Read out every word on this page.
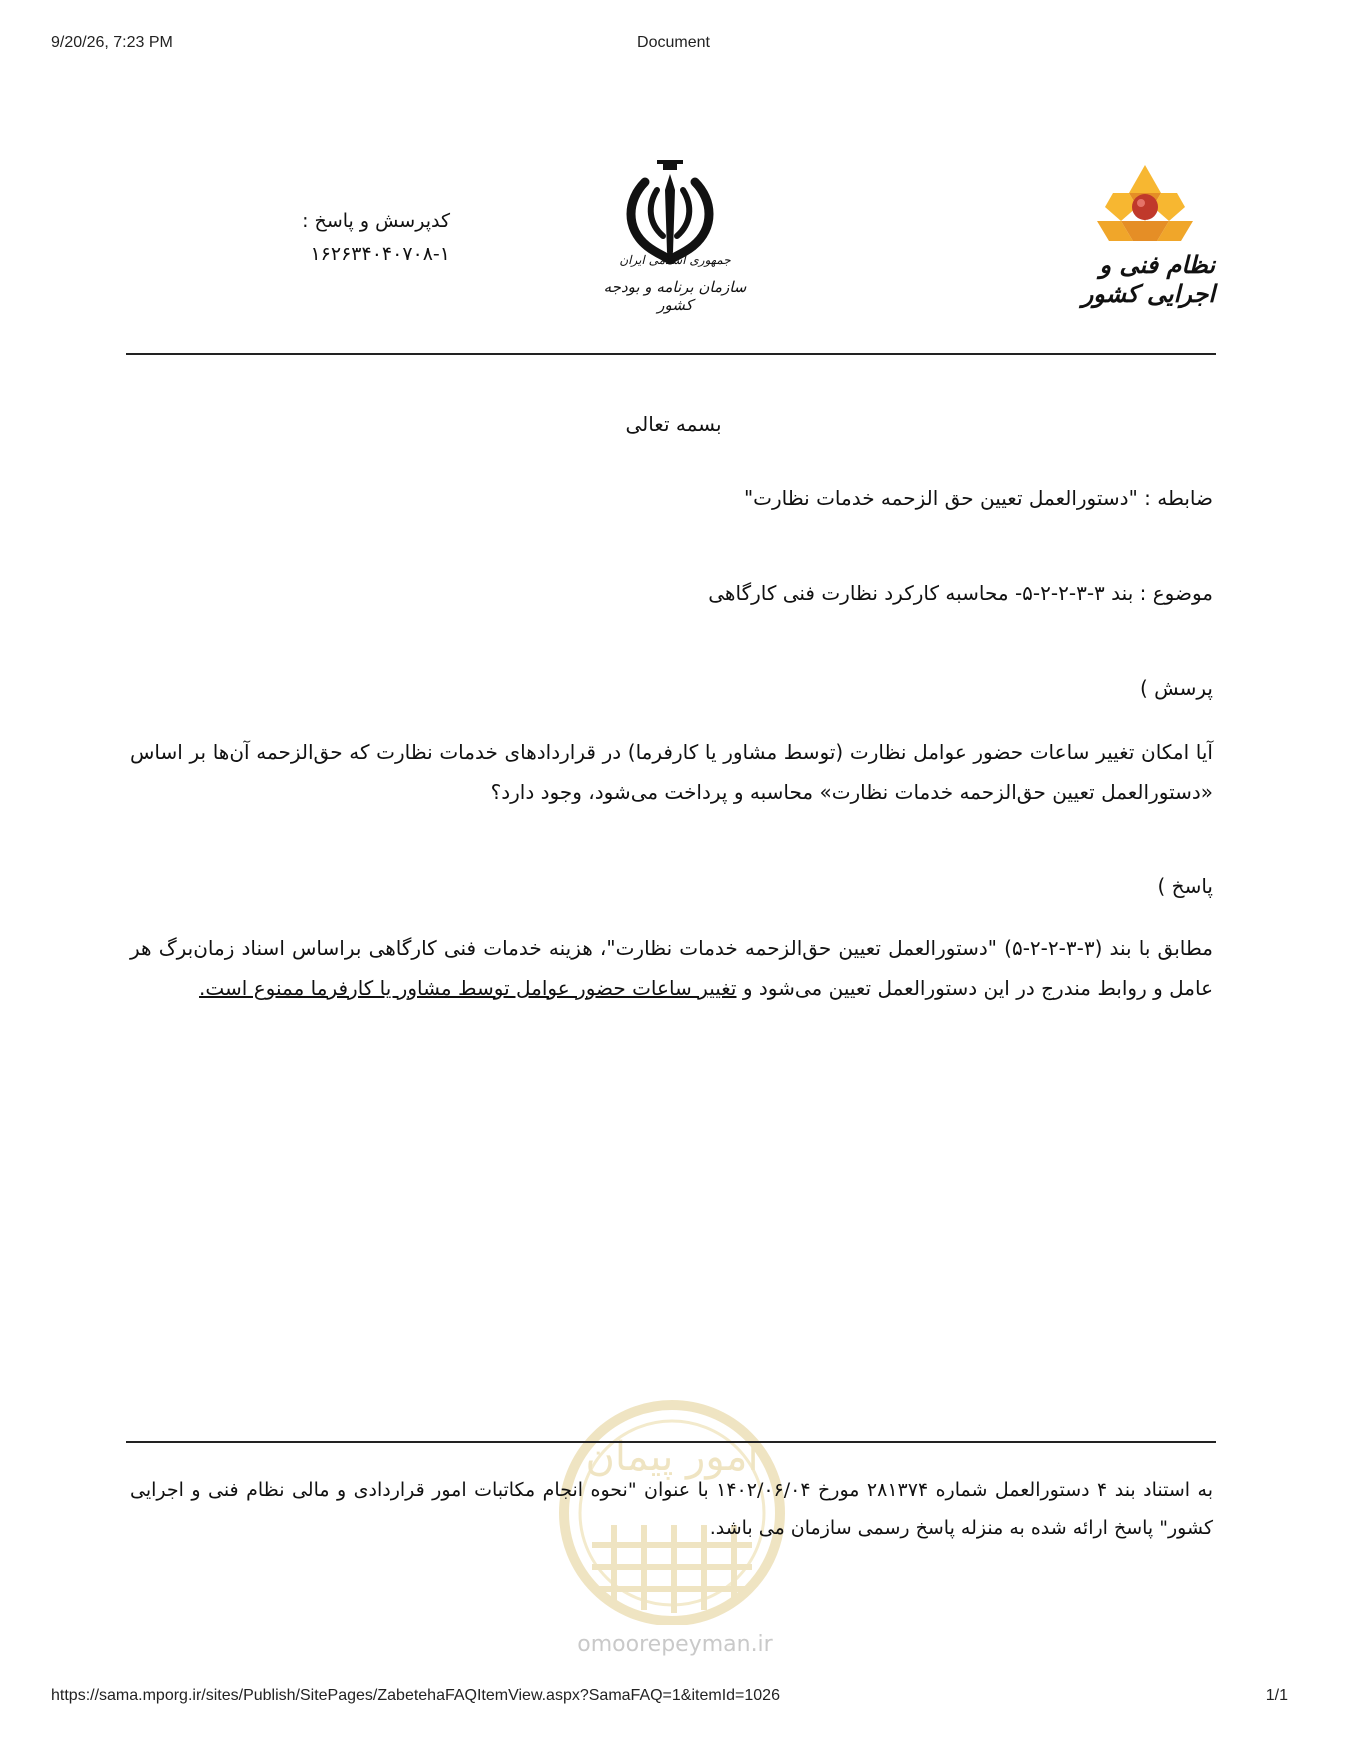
9/20/26, 7:23 PM	Document
کدپرسش و پاسخ :
۱۶۲۶۳۴۰۴۰۷۰۸-۱	جمهوری اسلامی ایران
سازمان برنامه و بودجه کشور
نظام فنی و اجرایی کشور
بسمه تعالی
ضابطه : "دستورالعمل تعیین حق الزحمه خدمات نظارت"
موضوع : بند ۳-۳-۲-۲-۵- محاسبه کارکرد نظارت فنی کارگاهی
پرسش )
آیا امکان تغییر ساعات حضور عوامل نظارت (توسط مشاور یا کارفرما) در قراردادهای خدمات نظارت که حق‌الزحمه آن‌ها بر اساس «دستورالعمل تعیین حق‌الزحمه خدمات نظارت» محاسبه و پرداخت می‌شود، وجود دارد؟
پاسخ )
مطابق با بند (۳-۳-۲-۲-۵) "دستورالعمل تعیین حق‌الزحمه خدمات نظارت"، هزینه خدمات فنی کارگاهی براساس اسناد زمان‌برگ هر عامل و روابط مندرج در این دستورالعمل تعیین می‌شود و تغییر ساعات حضور عوامل توسط مشاور یا کارفرما ممنوع است.
امور پیمان
omoorepeyman.ir
به استناد بند ۴ دستورالعمل شماره ۲۸۱۳۷۴ مورخ ۱۴۰۲/۰۶/۰۴ با عنوان "نحوه انجام مکاتبات امور قراردادی و مالی نظام فنی و اجرایی کشور" پاسخ ارائه شده به منزله پاسخ رسمی سازمان می باشد.
https://sama.mporg.ir/sites/Publish/SitePages/ZabetehaFAQItemView.aspx?SamaFAQ=1&itemId=1026	1/1
